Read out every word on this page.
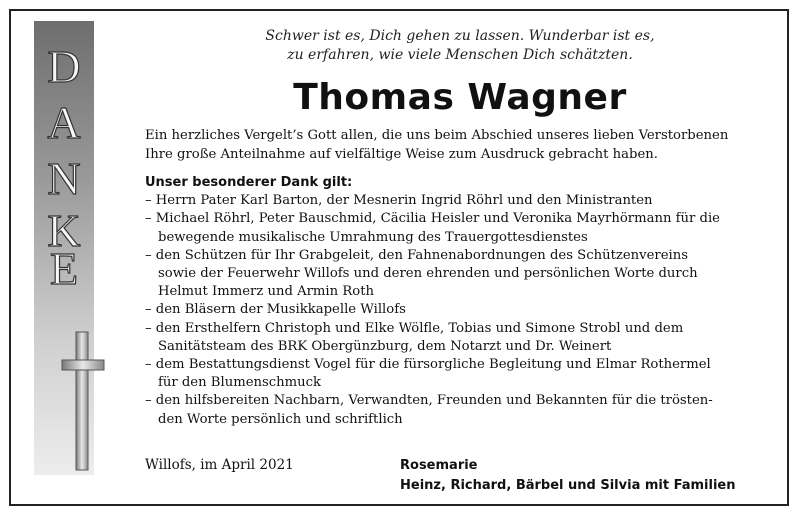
D
A
N
K
E
Schwer ist es, Dich gehen zu lassen. Wunderbar ist es,
zu erfahren, wie viele Menschen Dich schätzten.
Thomas Wagner
Ein herzliches Vergelt’s Gott allen, die uns beim Abschied unseres lieben Verstorbenen
Ihre große Anteilnahme auf vielfältige Weise zum Ausdruck gebracht haben.
Unser besonderer Dank gilt:
– Herrn Pater Karl Barton, der Mesnerin Ingrid Röhrl und den Ministranten
– Michael Röhrl, Peter Bauschmid, Cäcilia Heisler und Veronika Mayrhörmann für die
bewegende musikalische Umrahmung des Trauergottesdienstes
– den Schützen für Ihr Grabgeleit, den Fahnenabordnungen des Schützenvereins
sowie der Feuerwehr Willofs und deren ehrenden und persönlichen Worte durch
Helmut Immerz und Armin Roth
– den Bläsern der Musikkapelle Willofs
– den Ersthelfern Christoph und Elke Wölfle, Tobias und Simone Strobl und dem
Sanitätsteam des BRK Obergünzburg, dem Notarzt und Dr. Weinert
– dem Bestattungsdienst Vogel für die fürsorgliche Begleitung und Elmar Rothermel
für den Blumenschmuck
– den hilfsbereiten Nachbarn, Verwandten, Freunden und Bekannten für die trösten-
den Worte persönlich und schriftlich
Willofs, im April 2021	Rosemarie
Heinz, Richard, Bärbel und Silvia mit Familien
